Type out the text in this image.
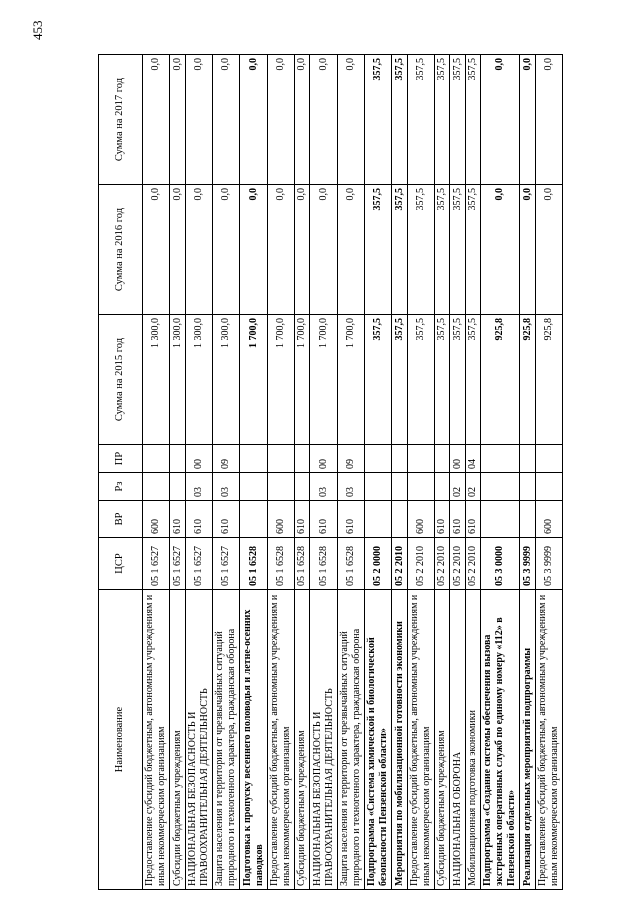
453
Наименование	ЦСР	ВР	Рз	ПР	Сумма на 2015 год	Сумма на 2016 год	Сумма на 2017 год
Предоставление субсидий бюджетным, автономным учреждениям и иным некоммерческим организациям	05 1 6527	600			1 300,0	0,0	0,0
Субсидии бюджетным учреждениям	05 1 6527	610			1 300,0	0,0	0,0
НАЦИОНАЛЬНАЯ БЕЗОПАСНОСТЬ И ПРАВООХРАНИТЕЛЬНАЯ ДЕЯТЕЛЬНОСТЬ	05 1 6527	610	03	00	1 300,0	0,0	0,0
Защита населения и территории от чрезвычайных ситуаций природного и техногенного характера, гражданская оборона	05 1 6527	610	03	09	1 300,0	0,0	0,0
Подготовка к пропуску весеннего половодья и летне-осенних паводков	05 1 6528				1 700,0	0,0	0,0
Предоставление субсидий бюджетным, автономным учреждениям и иным некоммерческим организациям	05 1 6528	600			1 700,0	0,0	0,0
Субсидии бюджетным учреждениям	05 1 6528	610			1 700,0	0,0	0,0
НАЦИОНАЛЬНАЯ БЕЗОПАСНОСТЬ И ПРАВООХРАНИТЕЛЬНАЯ ДЕЯТЕЛЬНОСТЬ	05 1 6528	610	03	00	1 700,0	0,0	0,0
Защита населения и территории от чрезвычайных ситуаций природного и техногенного характера, гражданская оборона	05 1 6528	610	03	09	1 700,0	0,0	0,0
Подпрограмма «Система химической и биологической безопасности Пензенской области»	05 2 0000				357,5	357,5	357,5
Мероприятия по мобилизационной готовности экономики	05 2 2010				357,5	357,5	357,5
Предоставление субсидий бюджетным, автономным учреждениям и иным некоммерческим организациям	05 2 2010	600			357,5	357,5	357,5
Субсидии бюджетным учреждениям	05 2 2010	610			357,5	357,5	357,5
НАЦИОНАЛЬНАЯ ОБОРОНА	05 2 2010	610	02	00	357,5	357,5	357,5
Мобилизационная подготовка экономики	05 2 2010	610	02	04	357,5	357,5	357,5
Подпрограмма «Создание системы обеспечения вызова экстренных оперативных служб по единому номеру «112» в Пензенской области»	05 3 0000				925,8	0,0	0,0
Реализация отдельных мероприятий подпрограммы	05 3 9999				925,8	0,0	0,0
Предоставление субсидий бюджетным, автономным учреждениям и иным некоммерческим организациям	05 3 9999	600			925,8	0,0	0,0
